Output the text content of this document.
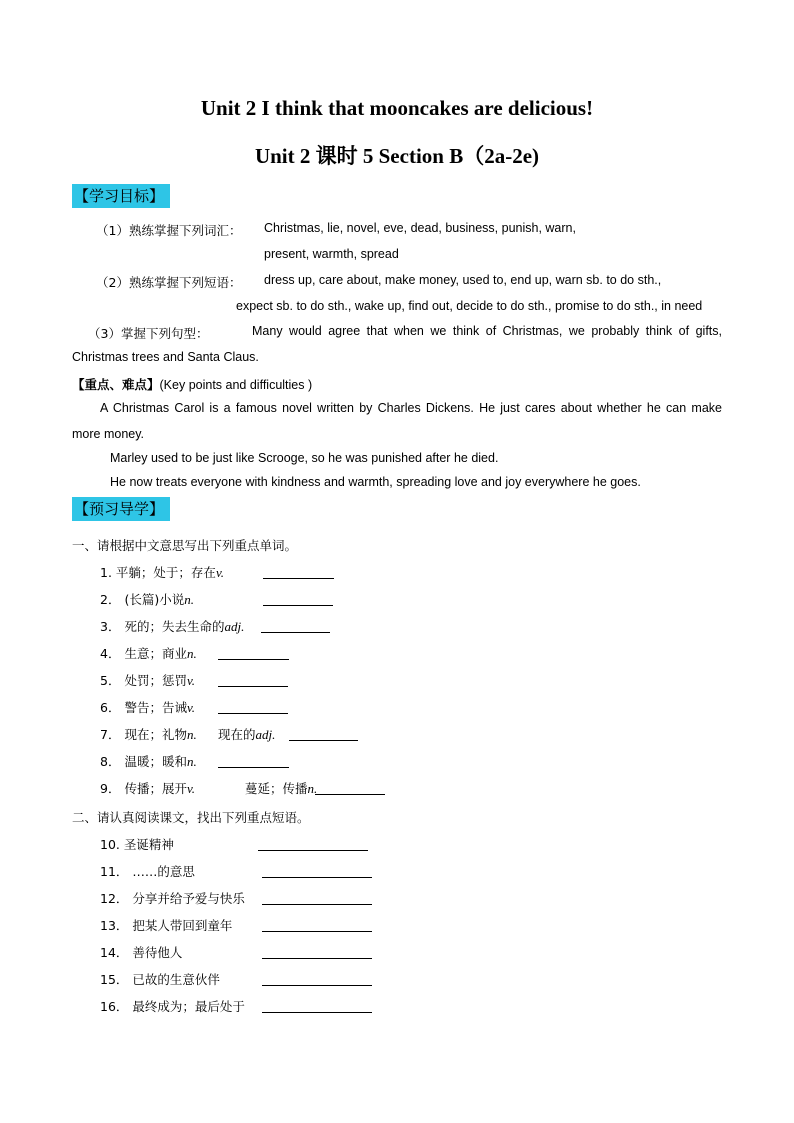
Unit 2 I think that mooncakes are delicious!
Unit 2 课时 5 Section B（2a-2e)
【学习目标】
（1）熟练掌握下列词汇： Christmas, lie, novel, eve, dead, business, punish, warn,
present, warmth, spread
（2）熟练掌握下列短语： dress up, care about, make money, used to, end up, warn sb. to do sth.,
expect sb. to do sth., wake up, find out, decide to do sth., promise to do sth., in need
（3）掌握下列句型：	Many would agree that when we think of Christmas, we probably think of gifts,
Christmas trees and Santa Claus.
【重点、难点】(Key points and difficulties )
A Christmas Carol is a famous novel written by Charles Dickens. He just cares about whether he can make
more money.
Marley used to be just like Scrooge, so he was punished after he died.
He now treats everyone with kindness and warmth, spreading love and joy everywhere he goes.
【预习导学】
一、请根据中文意思写出下列重点单词。
1. 平躺；处于；存在v.
2． (长篇)小说n.
3． 死的；失去生命的adj.
4． 生意；商业n.
5． 处罚；惩罚v.
6． 警告；告诫v.
7． 现在；礼物n. 现在的adj.
8． 温暖；暖和n.
9． 传播；展开v.	蔓延；传播n.
二、请认真阅读课文，找出下列重点短语。
10. 圣诞精神
11． ……的意思
12． 分享并给予爱与快乐
13． 把某人带回到童年
14． 善待他人
15． 已故的生意伙伴
16． 最终成为；最后处于
